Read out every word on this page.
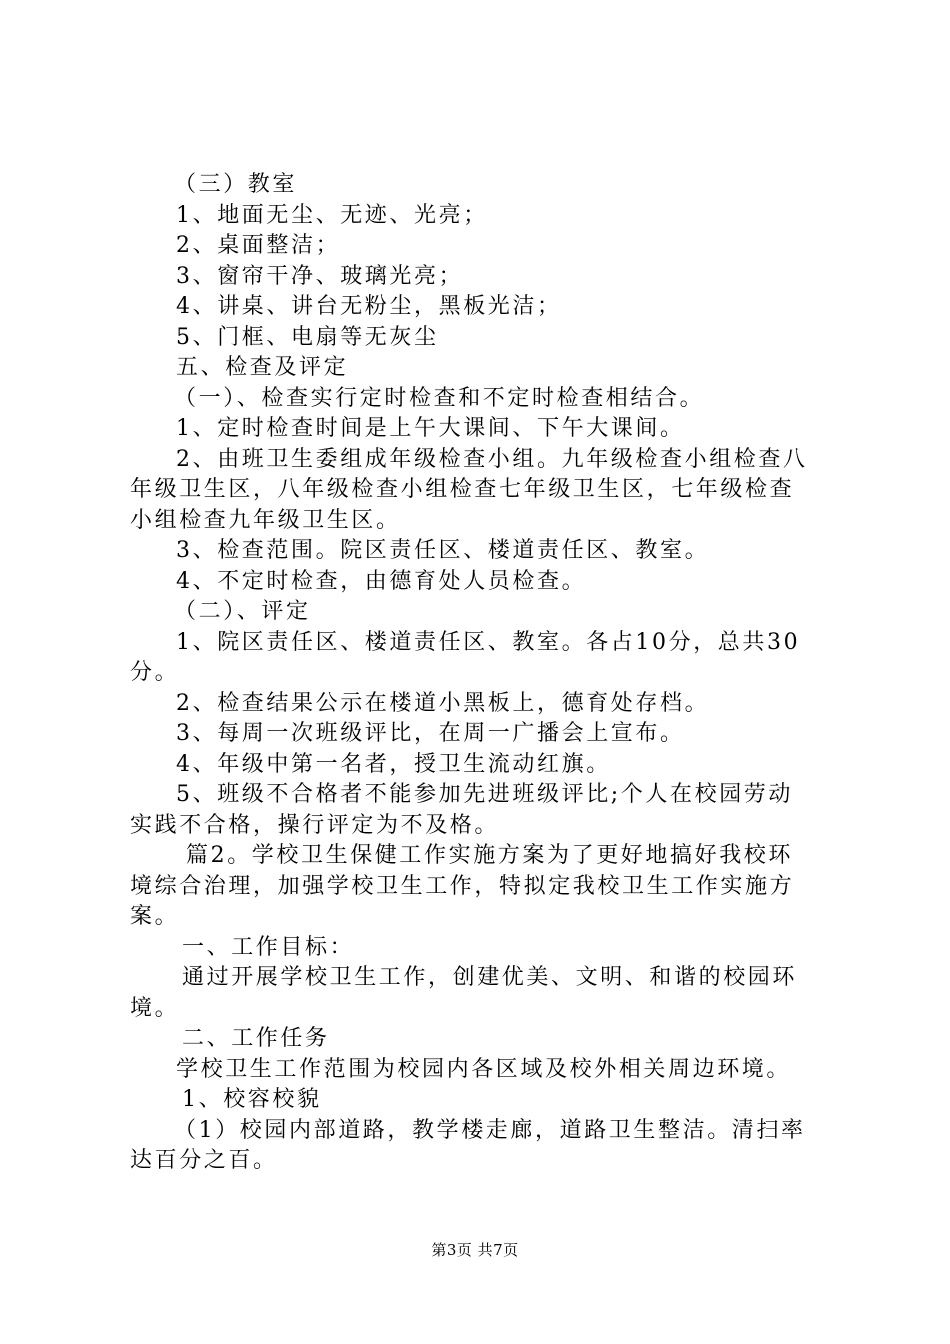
（三）教室
1、地面无尘、无迹、光亮；
2、桌面整洁；
3、窗帘干净、玻璃光亮；
4、讲桌、讲台无粉尘，黑板光洁；
5、门框、电扇等无灰尘
五、检查及评定
（一）、检查实行定时检查和不定时检查相结合。
1、定时检查时间是上午大课间、下午大课间。
2、由班卫生委组成年级检查小组。九年级检查小组检查八
年级卫生区，八年级检查小组检查七年级卫生区，七年级检查
小组检查九年级卫生区。
3、检查范围。院区责任区、楼道责任区、教室。
4、不定时检查，由德育处人员检查。
（二）、评定
1、院区责任区、楼道责任区、教室。各占10分，总共30
分。
2、检查结果公示在楼道小黑板上，德育处存档。
3、每周一次班级评比，在周一广播会上宣布。
4、年级中第一名者，授卫生流动红旗。
5、班级不合格者不能参加先进班级评比;个人在校园劳动
实践不合格，操行评定为不及格。
篇2。学校卫生保健工作实施方案为了更好地搞好我校环
境综合治理，加强学校卫生工作，特拟定我校卫生工作实施方
案。
一、工作目标：
通过开展学校卫生工作，创建优美、文明、和谐的校园环
境。
二、工作任务
学校卫生工作范围为校园内各区域及校外相关周边环境。
1、校容校貌
（1）校园内部道路，教学楼走廊，道路卫生整洁。清扫率
达百分之百。
第3页 共7页
